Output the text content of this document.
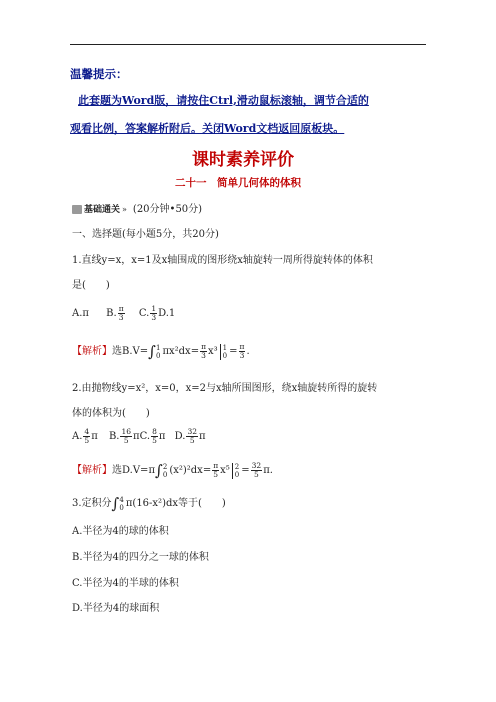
温馨提示：
此套题为Word版，请按住Ctrl,滑动鼠标滚轴，调节合适的
观看比例，答案解析附后。关闭Word文档返回原板块。
课时素养评价
二十一　简单几何体的体积
基础通关 » (20分钟•50分)
一、选择题(每小题5分，共20分)
1.直线y=x，x=1及x轴围成的图形绕x轴旋转一周所得旋转体的体积
是(　　)
A.π B. $\frac{\pi}{3} C$. $\frac{1}{3} D.1$
【解析】选B.V=∫ 1
0 $\pi x^2dx= \frac{\pi}{3} x^3$ 1
$0 = \frac{\pi}{3}$ .
2.由抛物线y=x²，x=0，x=2与x轴所围图形，绕x轴旋转所得的旋转
体的体积为(　　)
A. $\frac{4}{5}$ π B. $\frac{16}{5} \pi C$. $\frac{8}{5}$ π D. $\frac{32}{5}$ π
【解析】选D.V=π∫ 2
0 $(x^2)^2dx= \frac{\pi}{5} x^5$ 2
$0 = \frac{32}{5} \pi$.
3.定积分∫ 4
0 π(16-x²)dx等于(　　)
A.半径为4的球的体积
B.半径为4的四分之一球的体积
C.半径为4的半球的体积
D.半径为4的球面积
